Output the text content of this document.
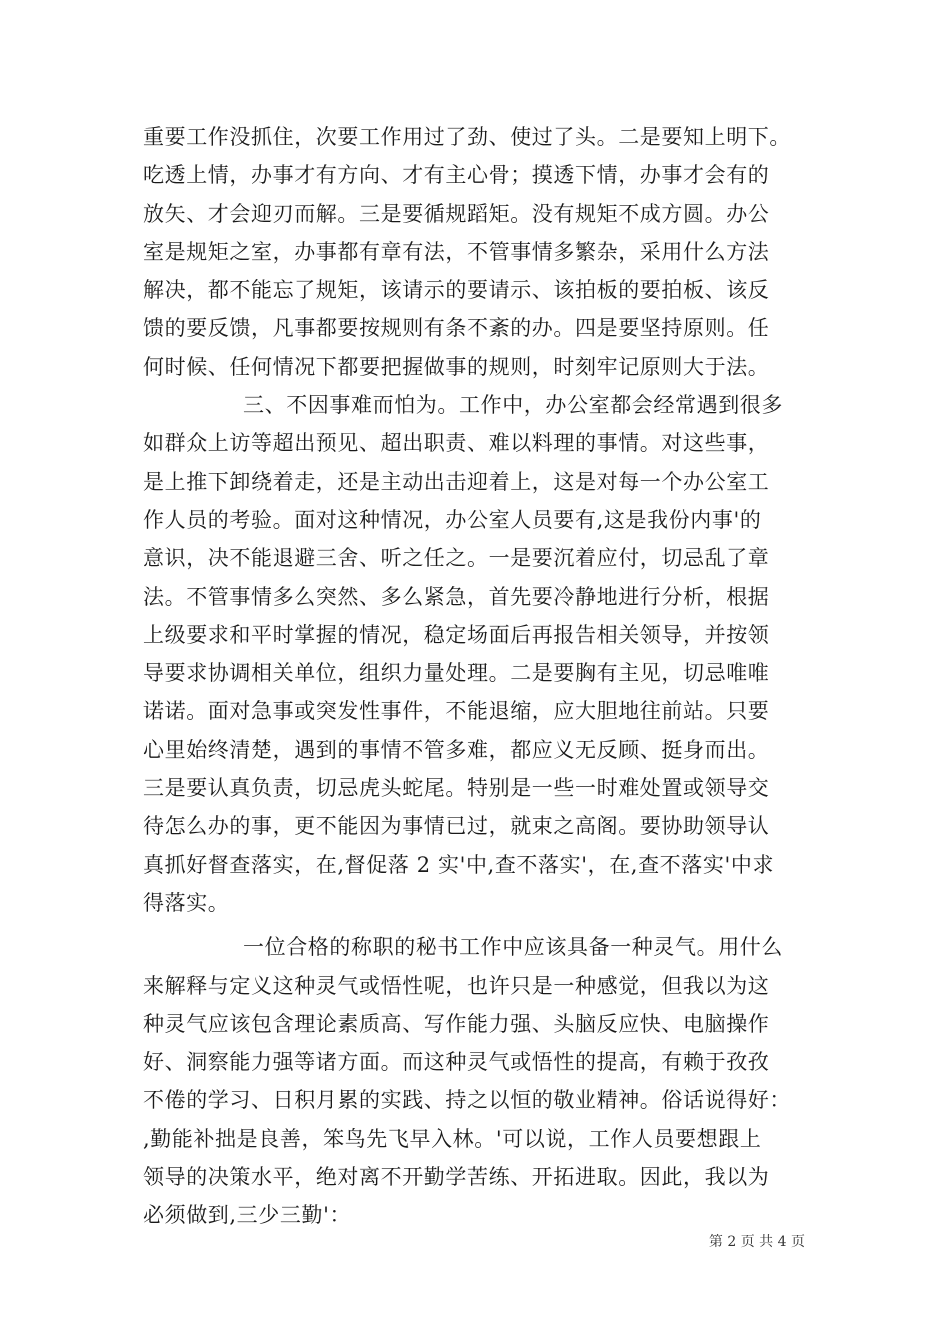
重要工作没抓住，次要工作用过了劲、使过了头。二是要知上明下。
吃透上情，办事才有方向、才有主心骨；摸透下情，办事才会有的
放矢、才会迎刃而解。三是要循规蹈矩。没有规矩不成方圆。办公
室是规矩之室，办事都有章有法，不管事情多繁杂，采用什么方法
解决，都不能忘了规矩，该请示的要请示、该拍板的要拍板、该反
馈的要反馈，凡事都要按规则有条不紊的办。四是要坚持原则。任
何时候、任何情况下都要把握做事的规则，时刻牢记原则大于法。
三、不因事难而怕为。工作中，办公室都会经常遇到很多
如群众上访等超出预见、超出职责、难以料理的事情。对这些事，
是上推下卸绕着走，还是主动出击迎着上，这是对每一个办公室工
作人员的考验。面对这种情况，办公室人员要有,这是我份内事'的
意识，决不能退避三舍、听之任之。一是要沉着应付，切忌乱了章
法。不管事情多么突然、多么紧急，首先要冷静地进行分析，根据
上级要求和平时掌握的情况，稳定场面后再报告相关领导，并按领
导要求协调相关单位，组织力量处理。二是要胸有主见，切忌唯唯
诺诺。面对急事或突发性事件，不能退缩，应大胆地往前站。只要
心里始终清楚，遇到的事情不管多难，都应义无反顾、挺身而出。
三是要认真负责，切忌虎头蛇尾。特别是一些一时难处置或领导交
待怎么办的事，更不能因为事情已过，就束之高阁。要协助领导认
真抓好督查落实，在,督促落 2 实'中,查不落实'，在,查不落实'中求
得落实。
一位合格的称职的秘书工作中应该具备一种灵气。用什么
来解释与定义这种灵气或悟性呢，也许只是一种感觉，但我以为这
种灵气应该包含理论素质高、写作能力强、头脑反应快、电脑操作
好、洞察能力强等诸方面。而这种灵气或悟性的提高，有赖于孜孜
不倦的学习、日积月累的实践、持之以恒的敬业精神。俗话说得好：
,勤能补拙是良善，笨鸟先飞早入林。'可以说，工作人员要想跟上
领导的决策水平，绝对离不开勤学苦练、开拓进取。因此，我以为
必须做到,三少三勤'：
第 2 页 共 4 页
